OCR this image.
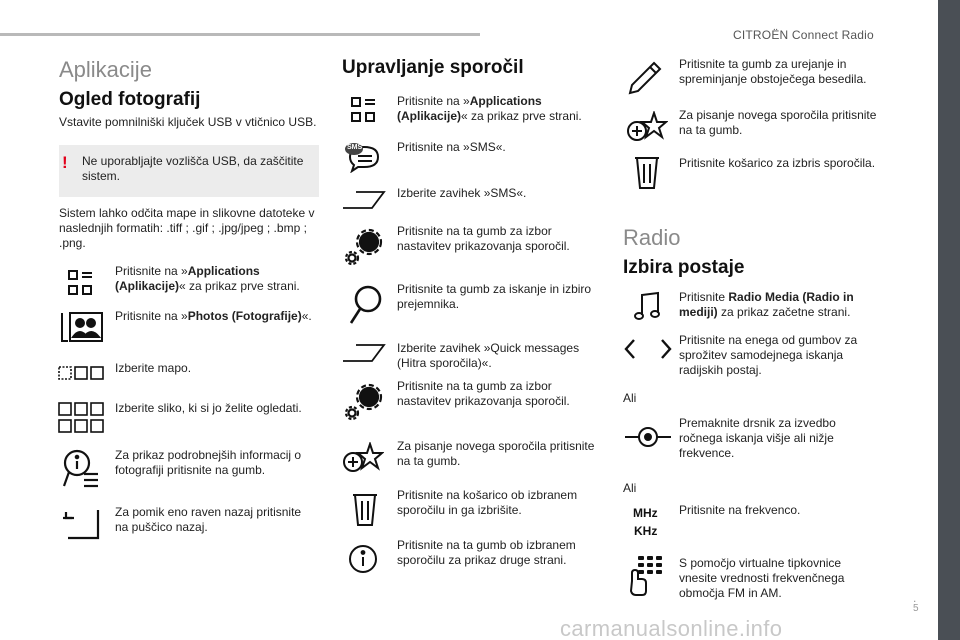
CITROËN Connect Radio
.
5
carmanualsonline.info
Aplikacije
Ogled fotografij
Vstavite pomnilniški ključek USB v vtičnico USB.
! Ne uporabljajte vozlišča USB, da zaščitite sistem.
Sistem lahko odčita mape in slikovne datoteke v naslednjih formatih: .tiff ; .gif ; .jpg/jpeg ; .bmp ; .png.
Pritisnite na »Applications (Aplikacije)« za prikaz prve strani.
Pritisnite na »Photos (Fotografije)«.
Izberite mapo.
Izberite sliko, ki si jo želite ogledati.
Za prikaz podrobnejših informacij o fotografiji pritisnite na gumb.
Za pomik eno raven nazaj pritisnite na puščico nazaj.
Upravljanje sporočil
Pritisnite na »Applications (Aplikacije)« za prikaz prve strani.
SMS	Pritisnite na »SMS«.
Izberite zavihek »SMS«.
Pritisnite na ta gumb za izbor nastavitev prikazovanja sporočil.
Pritisnite ta gumb za iskanje in izbiro prejemnika.
Izberite zavihek »Quick messages (Hitra sporočila)«.
Pritisnite na ta gumb za izbor nastavitev prikazovanja sporočil.
Za pisanje novega sporočila pritisnite na ta gumb.
Pritisnite na košarico ob izbranem sporočilu in ga izbrišite.
Pritisnite na ta gumb ob izbranem sporočilu za prikaz druge strani.
Pritisnite ta gumb za urejanje in spreminjanje obstoječega besedila.
Za pisanje novega sporočila pritisnite na ta gumb.
Pritisnite košarico za izbris sporočila.
Radio
Izbira postaje
Pritisnite Radio Media (Radio in mediji) za prikaz začetne strani.
Pritisnite na enega od gumbov za sprožitev samodejnega iskanja radijskih postaj.
Ali
Premaknite drsnik za izvedbo ročnega iskanja višje ali nižje frekvence.
Ali
MHz
KHz
Pritisnite na frekvenco.
S pomočjo virtualne tipkovnice vnesite vrednosti frekvenčnega območja FM in AM.
